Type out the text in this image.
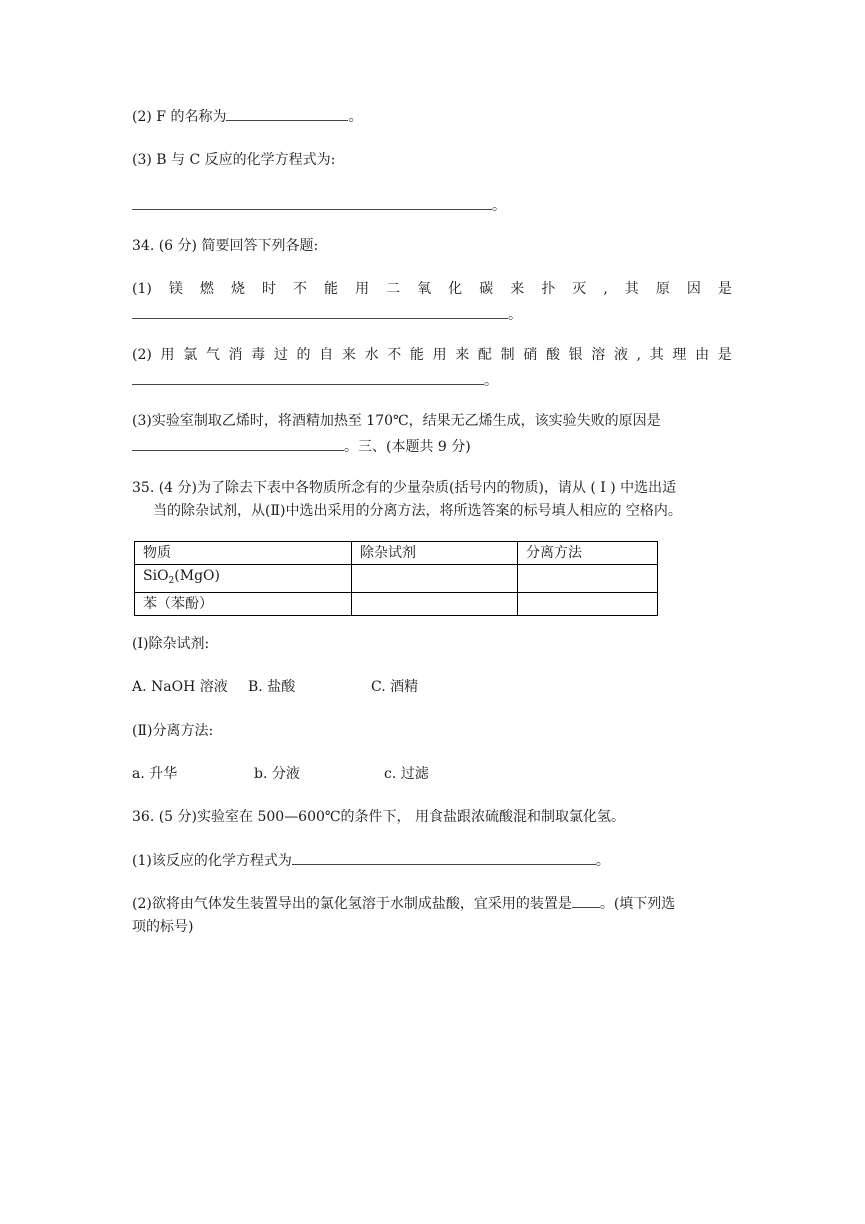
(2) F 的名称为	。
(3) B 与 C 反应的化学方程式为:
。
34. (6 分) 简要回答下列各题:
(1) 镁 燃 烧 时 不 能 用 二 氧 化 碳 来 扑 灭 , 其 原 因 是
。
(2) 用 氯 气 消 毒 过 的 自 来 水 不 能 用 来 配 制 硝 酸 银 溶 液 , 其 理 由 是
。
(3)实验室制取乙烯时，将酒精加热至 170℃，结果无乙烯生成，该实验失败的原因是
。三、(本题共 9 分)
35. (4 分)为了除去下表中各物质所念有的少量杂质(括号内的物质)，请从 ( Ⅰ ) 中选出适
当的除杂试剂，从(Ⅱ)中选出采用的分离方法，将所选答案的标号填人相应的 空格内。
物质	除杂试剂	分离方法
SiO$_2$(MgO)		
苯（苯酚）		
(Ⅰ)除杂试剂:
A. NaOH 溶液 B. 盐酸	C. 酒精
(Ⅱ)分离方法:
a. 升华	b. 分液	c. 过滤
36. (5 分)实验室在 500—600℃的条件下， 用食盐跟浓硫酸混和制取氯化氢。
(1)该反应的化学方程式为	。
(2)欲将由气体发生装置导出的氯化氢溶于水制成盐酸，宜采用的装置是 。(填下列选
项的标号)
